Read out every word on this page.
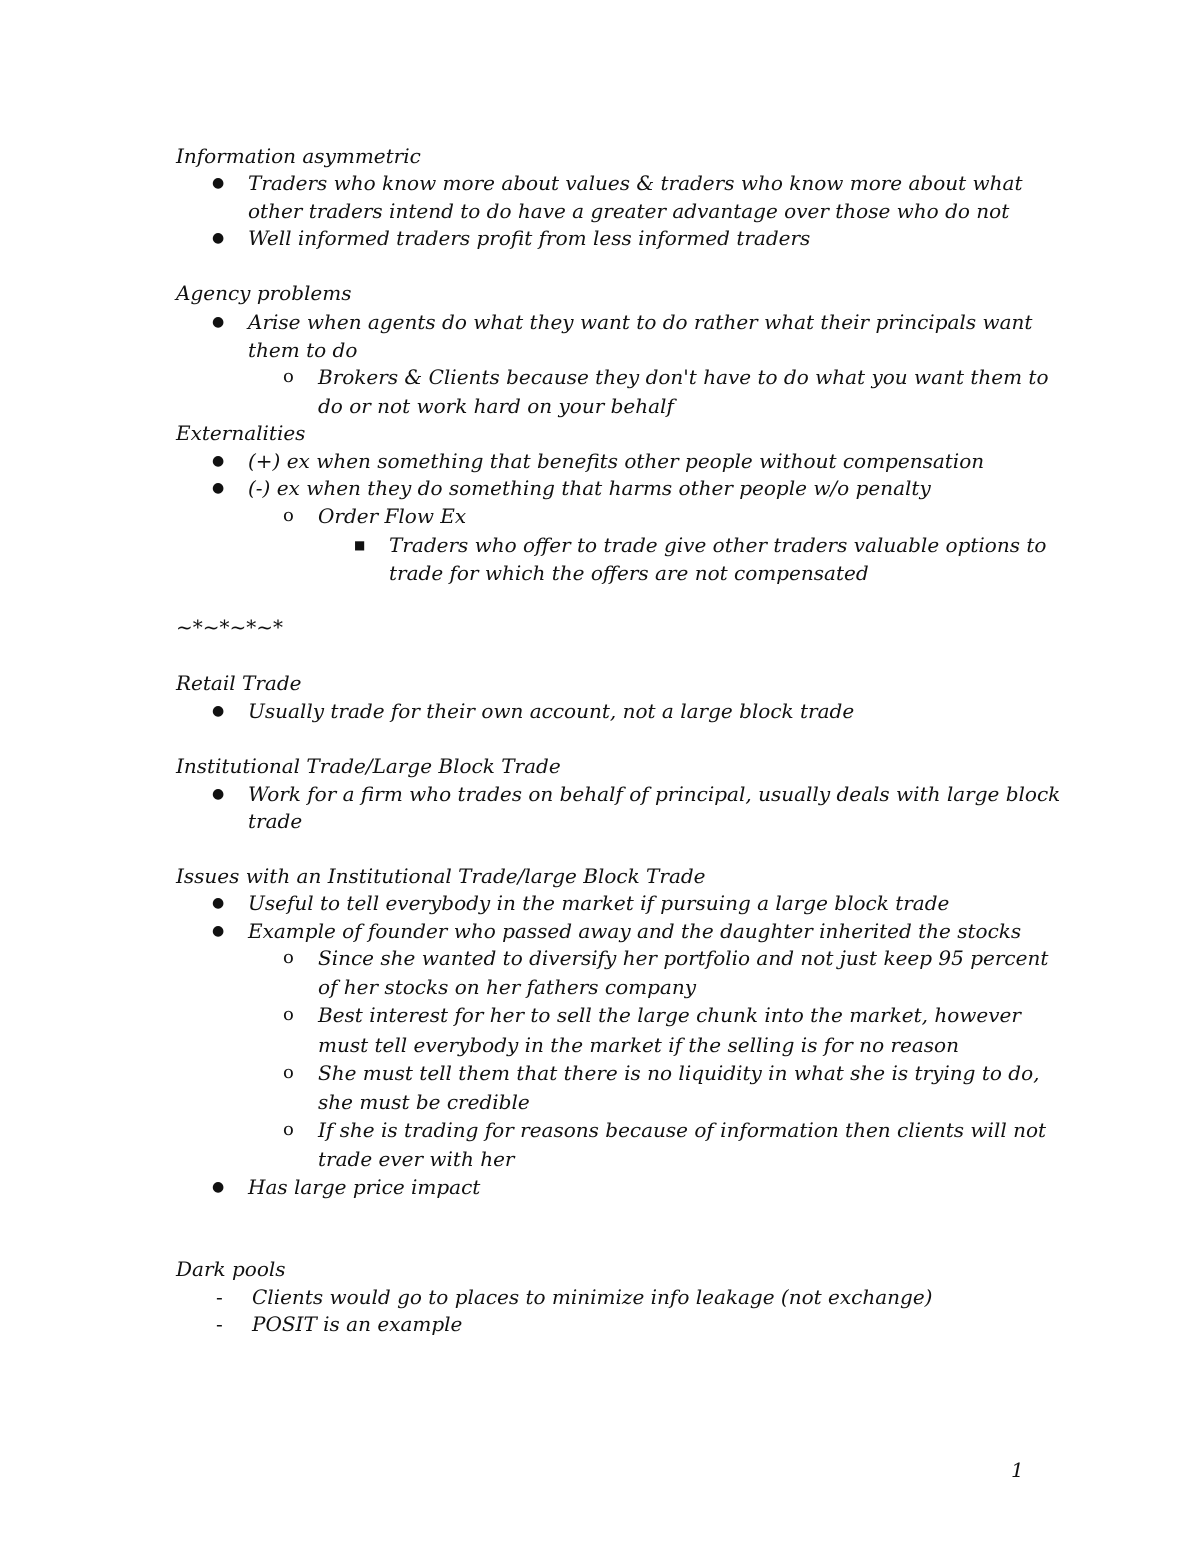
Information asymmetric
● Traders who know more about values & traders who know more about what
other traders intend to do have a greater advantage over those who do not
● Well informed traders profit from less informed traders
Agency problems
● Arise when agents do what they want to do rather what their principals want
them to do
o Brokers & Clients because they don't have to do what you want them to
do or not work hard on your behalf
Externalities
● (+) ex when something that benefits other people without compensation
● (-) ex when they do something that harms other people w/o penalty
o Order Flow Ex
■ Traders who offer to trade give other traders valuable options to
trade for which the offers are not compensated
~*~*~*~*
Retail Trade
● Usually trade for their own account, not a large block trade
Institutional Trade/Large Block Trade
● Work for a firm who trades on behalf of principal, usually deals with large block
trade
Issues with an Institutional Trade/large Block Trade
● Useful to tell everybody in the market if pursuing a large block trade
● Example of founder who passed away and the daughter inherited the stocks
o Since she wanted to diversify her portfolio and not just keep 95 percent
of her stocks on her fathers company
o Best interest for her to sell the large chunk into the market, however
must tell everybody in the market if the selling is for no reason
o She must tell them that there is no liquidity in what she is trying to do,
she must be credible
o If she is trading for reasons because of information then clients will not
trade ever with her
● Has large price impact
Dark pools
- Clients would go to places to minimize info leakage (not exchange)
- POSIT is an example
1
